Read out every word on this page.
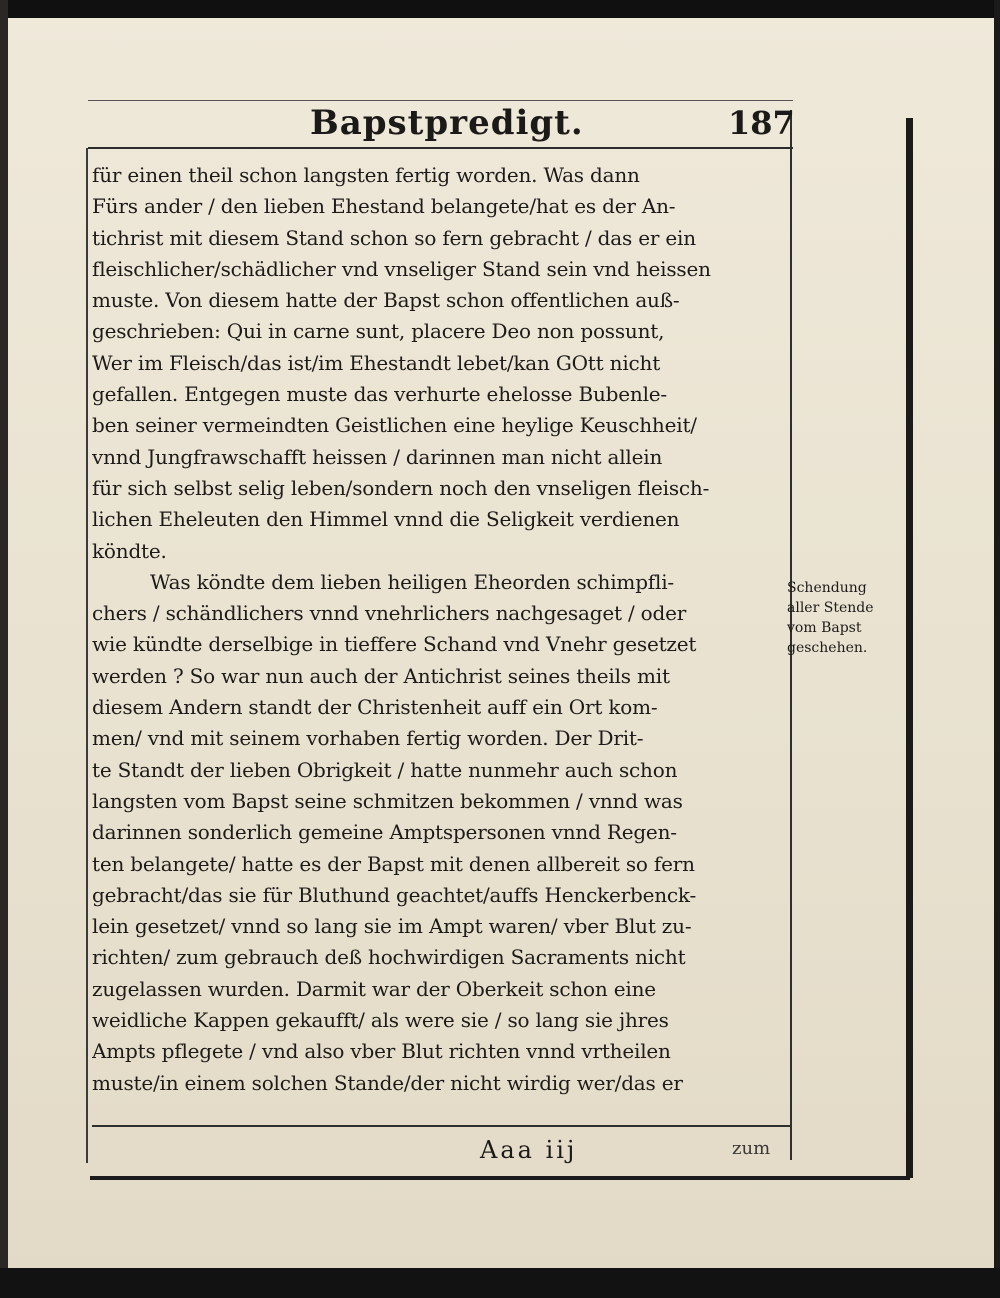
Bapstpredigt.	187
für einen theil schon langsten fertig worden. Was dann
Fürs ander / den lieben Ehestand belangete/hat es der An-
tichrist mit diesem Stand schon so fern gebracht / das er ein
fleischlicher/schädlicher vnd vnseliger Stand sein vnd heissen
muste. Von diesem hatte der Bapst schon offentlichen auß-
geschrieben: Qui in carne sunt, placere Deo non possunt,
Wer im Fleisch/das ist/im Ehestandt lebet/kan GOtt nicht
gefallen. Entgegen muste das verhurte ehelosse Bubenle-
ben seiner vermeindten Geistlichen eine heylige Keuschheit/
vnnd Jungfrawschafft heissen / darinnen man nicht allein
für sich selbst selig leben/sondern noch den vnseligen fleisch-
lichen Eheleuten den Himmel vnnd die Seligkeit verdienen
köndte.
Was köndte dem lieben heiligen Eheorden schimpfli-
chers / schändlichers vnnd vnehrlichers nachgesaget / oder
wie kündte derselbige in tieffere Schand vnd Vnehr gesetzet
werden ? So war nun auch der Antichrist seines theils mit
diesem Andern standt der Christenheit auff ein Ort kom-
men/ vnd mit seinem vorhaben fertig worden. Der Drit-
te Standt der lieben Obrigkeit / hatte nunmehr auch schon
langsten vom Bapst seine schmitzen bekommen / vnnd was
darinnen sonderlich gemeine Amptspersonen vnnd Regen-
ten belangete/ hatte es der Bapst mit denen allbereit so fern
gebracht/das sie für Bluthund geachtet/auffs Henckerbenck-
lein gesetzet/ vnnd so lang sie im Ampt waren/ vber Blut zu-
richten/ zum gebrauch deß hochwirdigen Sacraments nicht
zugelassen wurden. Darmit war der Oberkeit schon eine
weidliche Kappen gekaufft/ als were sie / so lang sie jhres
Ampts pflegete / vnd also vber Blut richten vnnd vrtheilen
muste/in einem solchen Stande/der nicht wirdig wer/das er
Schendung
aller Stende
vom Bapst
geschehen.
Aaa iij	zum
